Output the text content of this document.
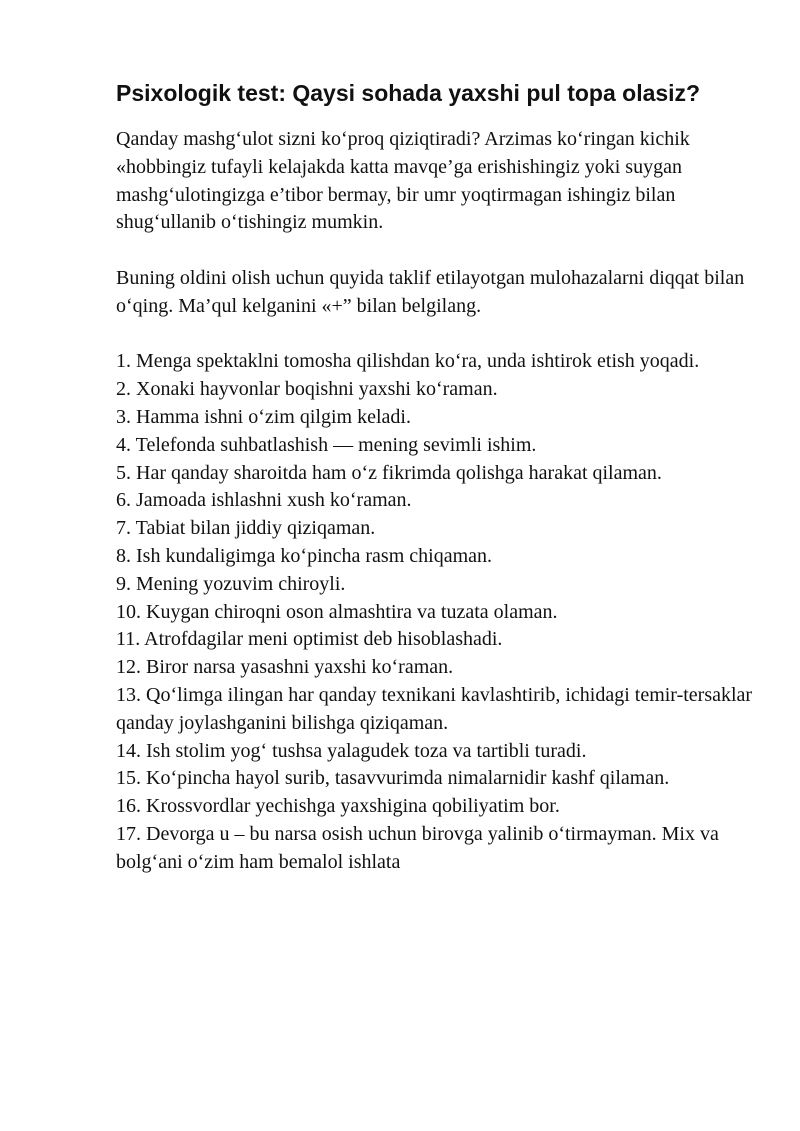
Psixologik test: Qaysi sohada yaxshi pul topa olasiz?

Qanday mashg‘ulot sizni ko‘proq qiziqtiradi? Arzimas ko‘ringan kichik «hobbingiz tufayli kelajakda katta mavqe’ga erishishingiz yoki suygan mashg‘ulotingizga e’tibor bermay, bir umr yoqtirmagan ishingiz bilan shug‘ullanib o‘tishingiz mumkin.

Buning oldini olish uchun quyida taklif etilayotgan mulohazalarni diqqat bilan o‘qing. Ma’qul kelganini «+” bilan belgilang.

1. Menga spektaklni tomosha qilishdan ko‘ra, unda ishtirok etish yoqadi.
2. Xonaki hayvonlar boqishni yaxshi ko‘raman.
3. Hamma ishni o‘zim qilgim keladi.
4. Telefonda suhbatlashish — mening sevimli ishim.
5. Har qanday sharoitda ham o‘z fikrimda qolishga harakat qilaman.
6. Jamoada ishlashni xush ko‘raman.
7. Tabiat bilan jiddiy qiziqaman.
8. Ish kundaligimga ko‘pincha rasm chiqaman.
9. Mening yozuvim chiroyli.
10. Kuygan chiroqni oson almashtira va tuzata olaman.
11. Atrofdagilar meni optimist deb hisoblashadi.
12. Biror narsa yasashni yaxshi ko‘raman.
13. Qo‘limga ilingan har qanday texnikani kavlashtirib, ichidagi temir-tersaklar qanday joylashganini bilishga qiziqaman.
14. Ish stolim yog‘ tushsa yalagudek toza va tartibli turadi.
15. Ko‘pincha hayol surib, tasavvurimda nimalarnidir kashf qilaman.
16. Krossvordlar yechishga yaxshigina qobiliyatim bor.
17. Devorga u – bu narsa osish uchun birovga yalinib o‘tirmayman. Mix va bolg‘ani o‘zim ham bemalol ishlata
